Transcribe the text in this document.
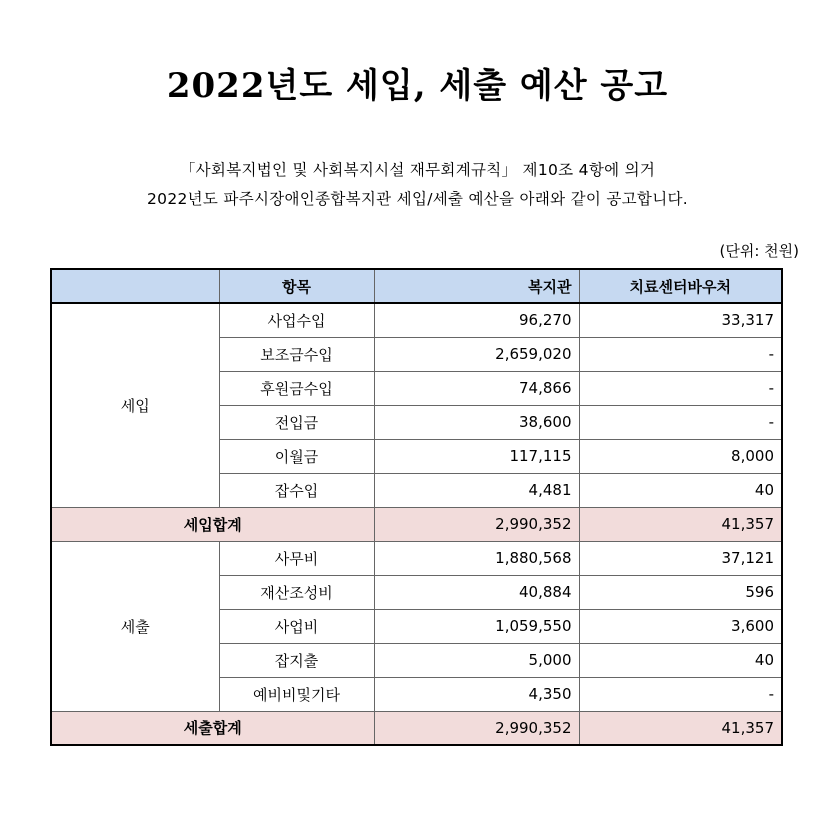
2022년도 세입, 세출 예산 공고
「사회복지법인 및 사회복지시설 재무회계규칙」 제10조 4항에 의거
2022년도 파주시장애인종합복지관 세입/세출 예산을 아래와 같이 공고합니다.
(단위: 천원)
	항목	복지관	치료센터바우처
세입	사업수입	96,270	33,317
	보조금수입	2,659,020	-
	후원금수입	74,866	-
	전입금	38,600	-
	이월금	117,115	8,000
	잡수입	4,481	40
세입합계		2,990,352	41,357
세출	사무비	1,880,568	37,121
	재산조성비	40,884	596
	사업비	1,059,550	3,600
	잡지출	5,000	40
	예비비및기타	4,350	-
세출합계		2,990,352	41,357
